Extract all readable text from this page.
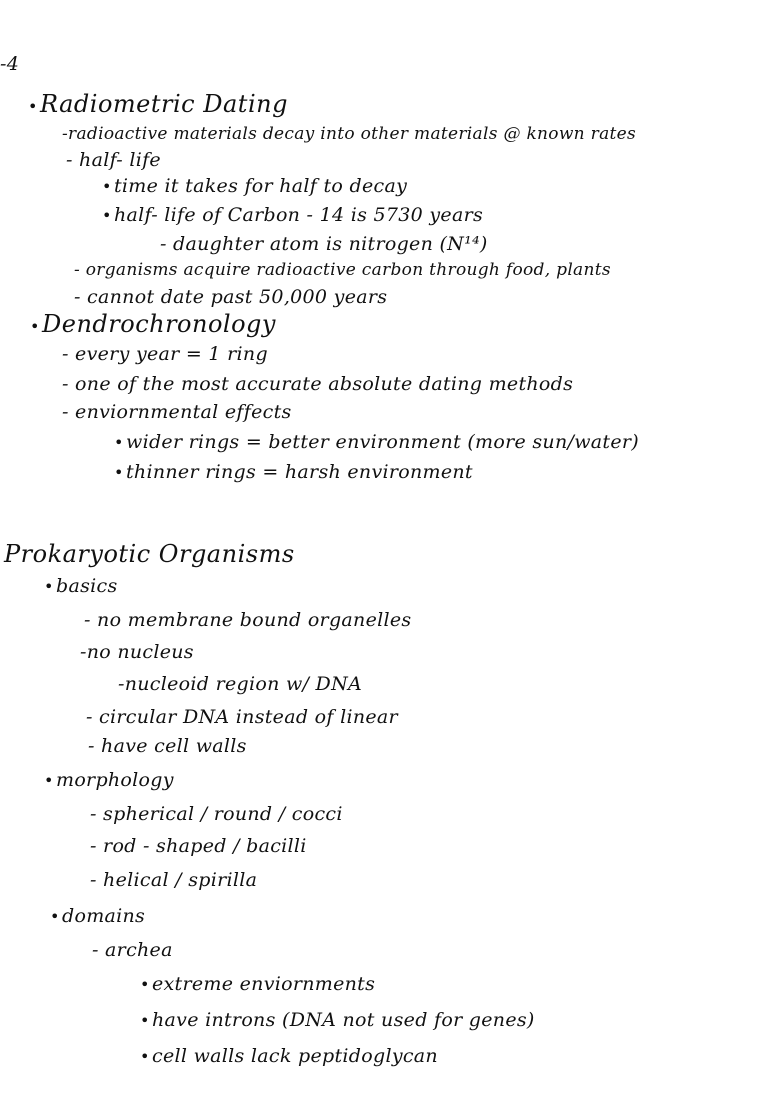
-4
• Radiometric Dating
-radioactive materials decay into other materials @ known rates
- half- life
• time it takes for half to decay
• half- life of Carbon - 14 is 5730 years
- daughter atom is nitrogen (N¹⁴)
- organisms acquire radioactive carbon through food, plants
- cannot date past 50,000 years
• Dendrochronology
- every year = 1 ring
- one of the most accurate absolute dating methods
- enviornmental effects
• wider rings = better environment (more sun/water)
• thinner rings = harsh environment
Prokaryotic Organisms
• basics
- no membrane bound organelles
-no nucleus
-nucleoid region w/ DNA
- circular DNA instead of linear
- have cell walls
• morphology
- spherical / round / cocci
- rod - shaped / bacilli
- helical / spirilla
• domains
- archea
• extreme enviornments
• have introns (DNA not used for genes)
• cell walls lack peptidoglycan
